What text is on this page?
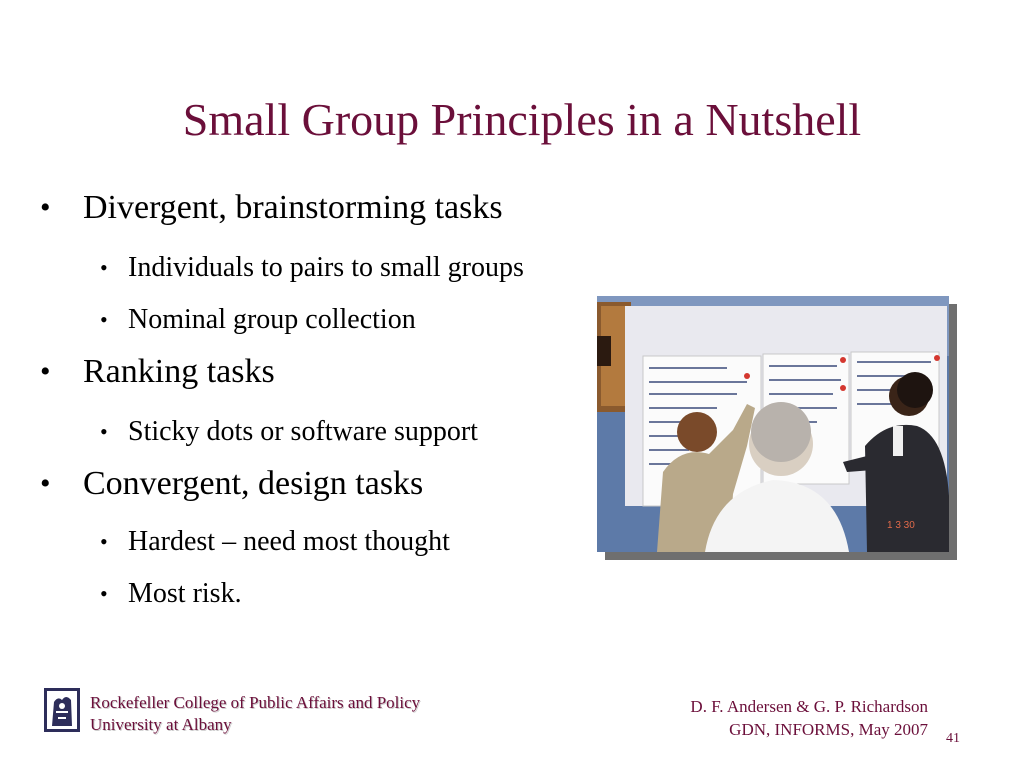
Small Group Principles in a Nutshell
• Divergent, brainstorming tasks
• Individuals to pairs to small groups
• Nominal group collection
• Ranking tasks
• Sticky dots or software support
• Convergent, design tasks
• Hardest – need most thought
• Most risk.
1 3 30
Rockefeller College of Public Affairs and Policy
University at Albany
D. F. Andersen & G. P. Richardson
GDN, INFORMS, May 2007 41
